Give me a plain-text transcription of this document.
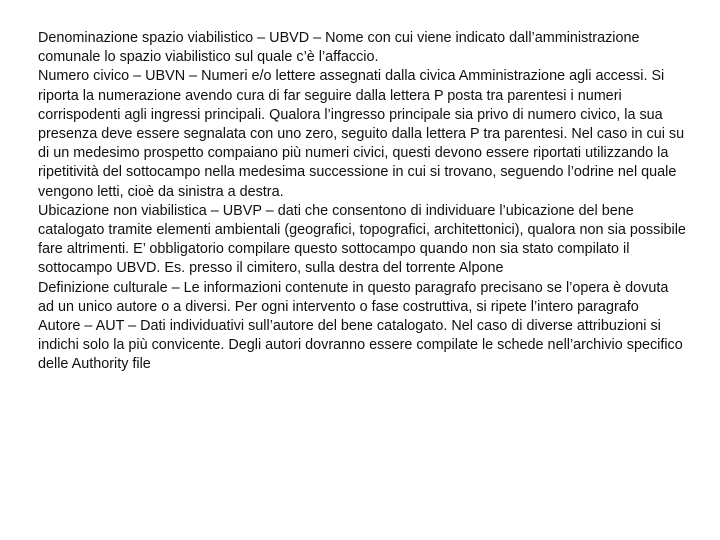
Denominazione spazio viabilistico – UBVD – Nome con cui viene indicato dall’amministrazione comunale lo spazio viabilistico sul quale c’è l’affaccio.

Numero civico – UBVN – Numeri e/o lettere assegnati dalla civica Amministrazione agli accessi. Si riporta la numerazione avendo cura di far seguire dalla lettera P posta tra parentesi i numeri corrispodenti agli ingressi principali. Qualora l’ingresso principale sia privo di numero civico, la sua presenza deve essere segnalata con uno zero, seguito dalla lettera P tra parentesi. Nel caso in cui su di un medesimo prospetto compaiano più numeri civici, questi devono essere riportati utilizzando la ripetitività del sottocampo nella medesima successione in cui si trovano, seguendo l’odrine nel quale vengono letti, cioè da sinistra a destra.

Ubicazione non viabilistica – UBVP – dati che consentono di individuare l’ubicazione del bene catalogato tramite elementi ambientali (geografici, topografici, architettonici), qualora non sia possibile fare altrimenti. E’ obbligatorio compilare questo sottocampo quando non sia stato compilato il sottocampo UBVD. Es. presso il cimitero, sulla destra del torrente Alpone

Definizione culturale – Le informazioni contenute in questo paragrafo precisano se l’opera è dovuta ad un unico autore o a diversi. Per ogni intervento o fase costruttiva, si ripete l’intero paragrafo

Autore – AUT – Dati individuativi sull’autore del bene catalogato. Nel caso di diverse attribuzioni si indichi solo la più convicente. Degli autori dovranno essere compilate le schede nell’archivio specifico delle Authority file
